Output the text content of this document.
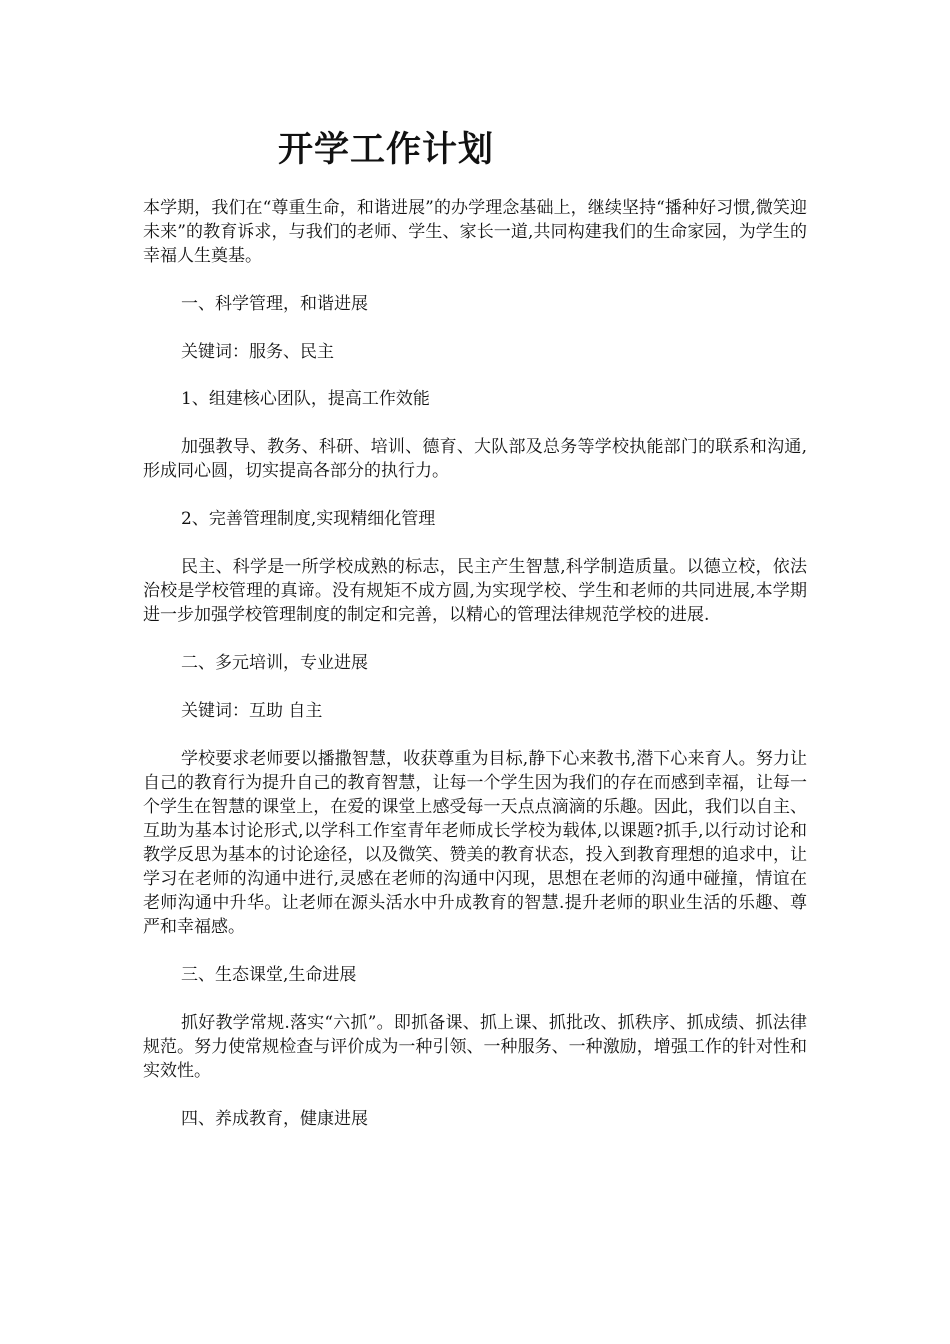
开学工作计划

本学期，我们在“尊重生命，和谐进展”的办学理念基础上，继续坚持“播种好习惯,微笑迎未来”的教育诉求，与我们的老师、学生、家长一道,共同构建我们的生命家园，为学生的幸福人生奠基。

一、科学管理，和谐进展

关键词：服务、民主

1、组建核心团队，提高工作效能

加强教导、教务、科研、培训、德育、大队部及总务等学校执能部门的联系和沟通,形成同心圆，切实提高各部分的执行力。

2、完善管理制度,实现精细化管理

民主、科学是一所学校成熟的标志，民主产生智慧,科学制造质量。以德立校，依法治校是学校管理的真谛。没有规矩不成方圆,为实现学校、学生和老师的共同进展,本学期进一步加强学校管理制度的制定和完善，以精心的管理法律规范学校的进展.

二、多元培训，专业进展

关键词：互助 自主

学校要求老师要以播撒智慧，收获尊重为目标,静下心来教书,潜下心来育人。努力让自己的教育行为提升自己的教育智慧，让每一个学生因为我们的存在而感到幸福，让每一个学生在智慧的课堂上，在爱的课堂上感受每一天点点滴滴的乐趣。因此，我们以自主、互助为基本讨论形式,以学科工作室青年老师成长学校为载体,以课题?抓手,以行动讨论和教学反思为基本的讨论途径，以及微笑、赞美的教育状态，投入到教育理想的追求中，让学习在老师的沟通中进行,灵感在老师的沟通中闪现，思想在老师的沟通中碰撞，情谊在老师沟通中升华。让老师在源头活水中升成教育的智慧.提升老师的职业生活的乐趣、尊严和幸福感。

三、生态课堂,生命进展

抓好教学常规.落实“六抓”。即抓备课、抓上课、抓批改、抓秩序、抓成绩、抓法律规范。努力使常规检查与评价成为一种引领、一种服务、一种激励，增强工作的针对性和实效性。

四、养成教育，健康进展
